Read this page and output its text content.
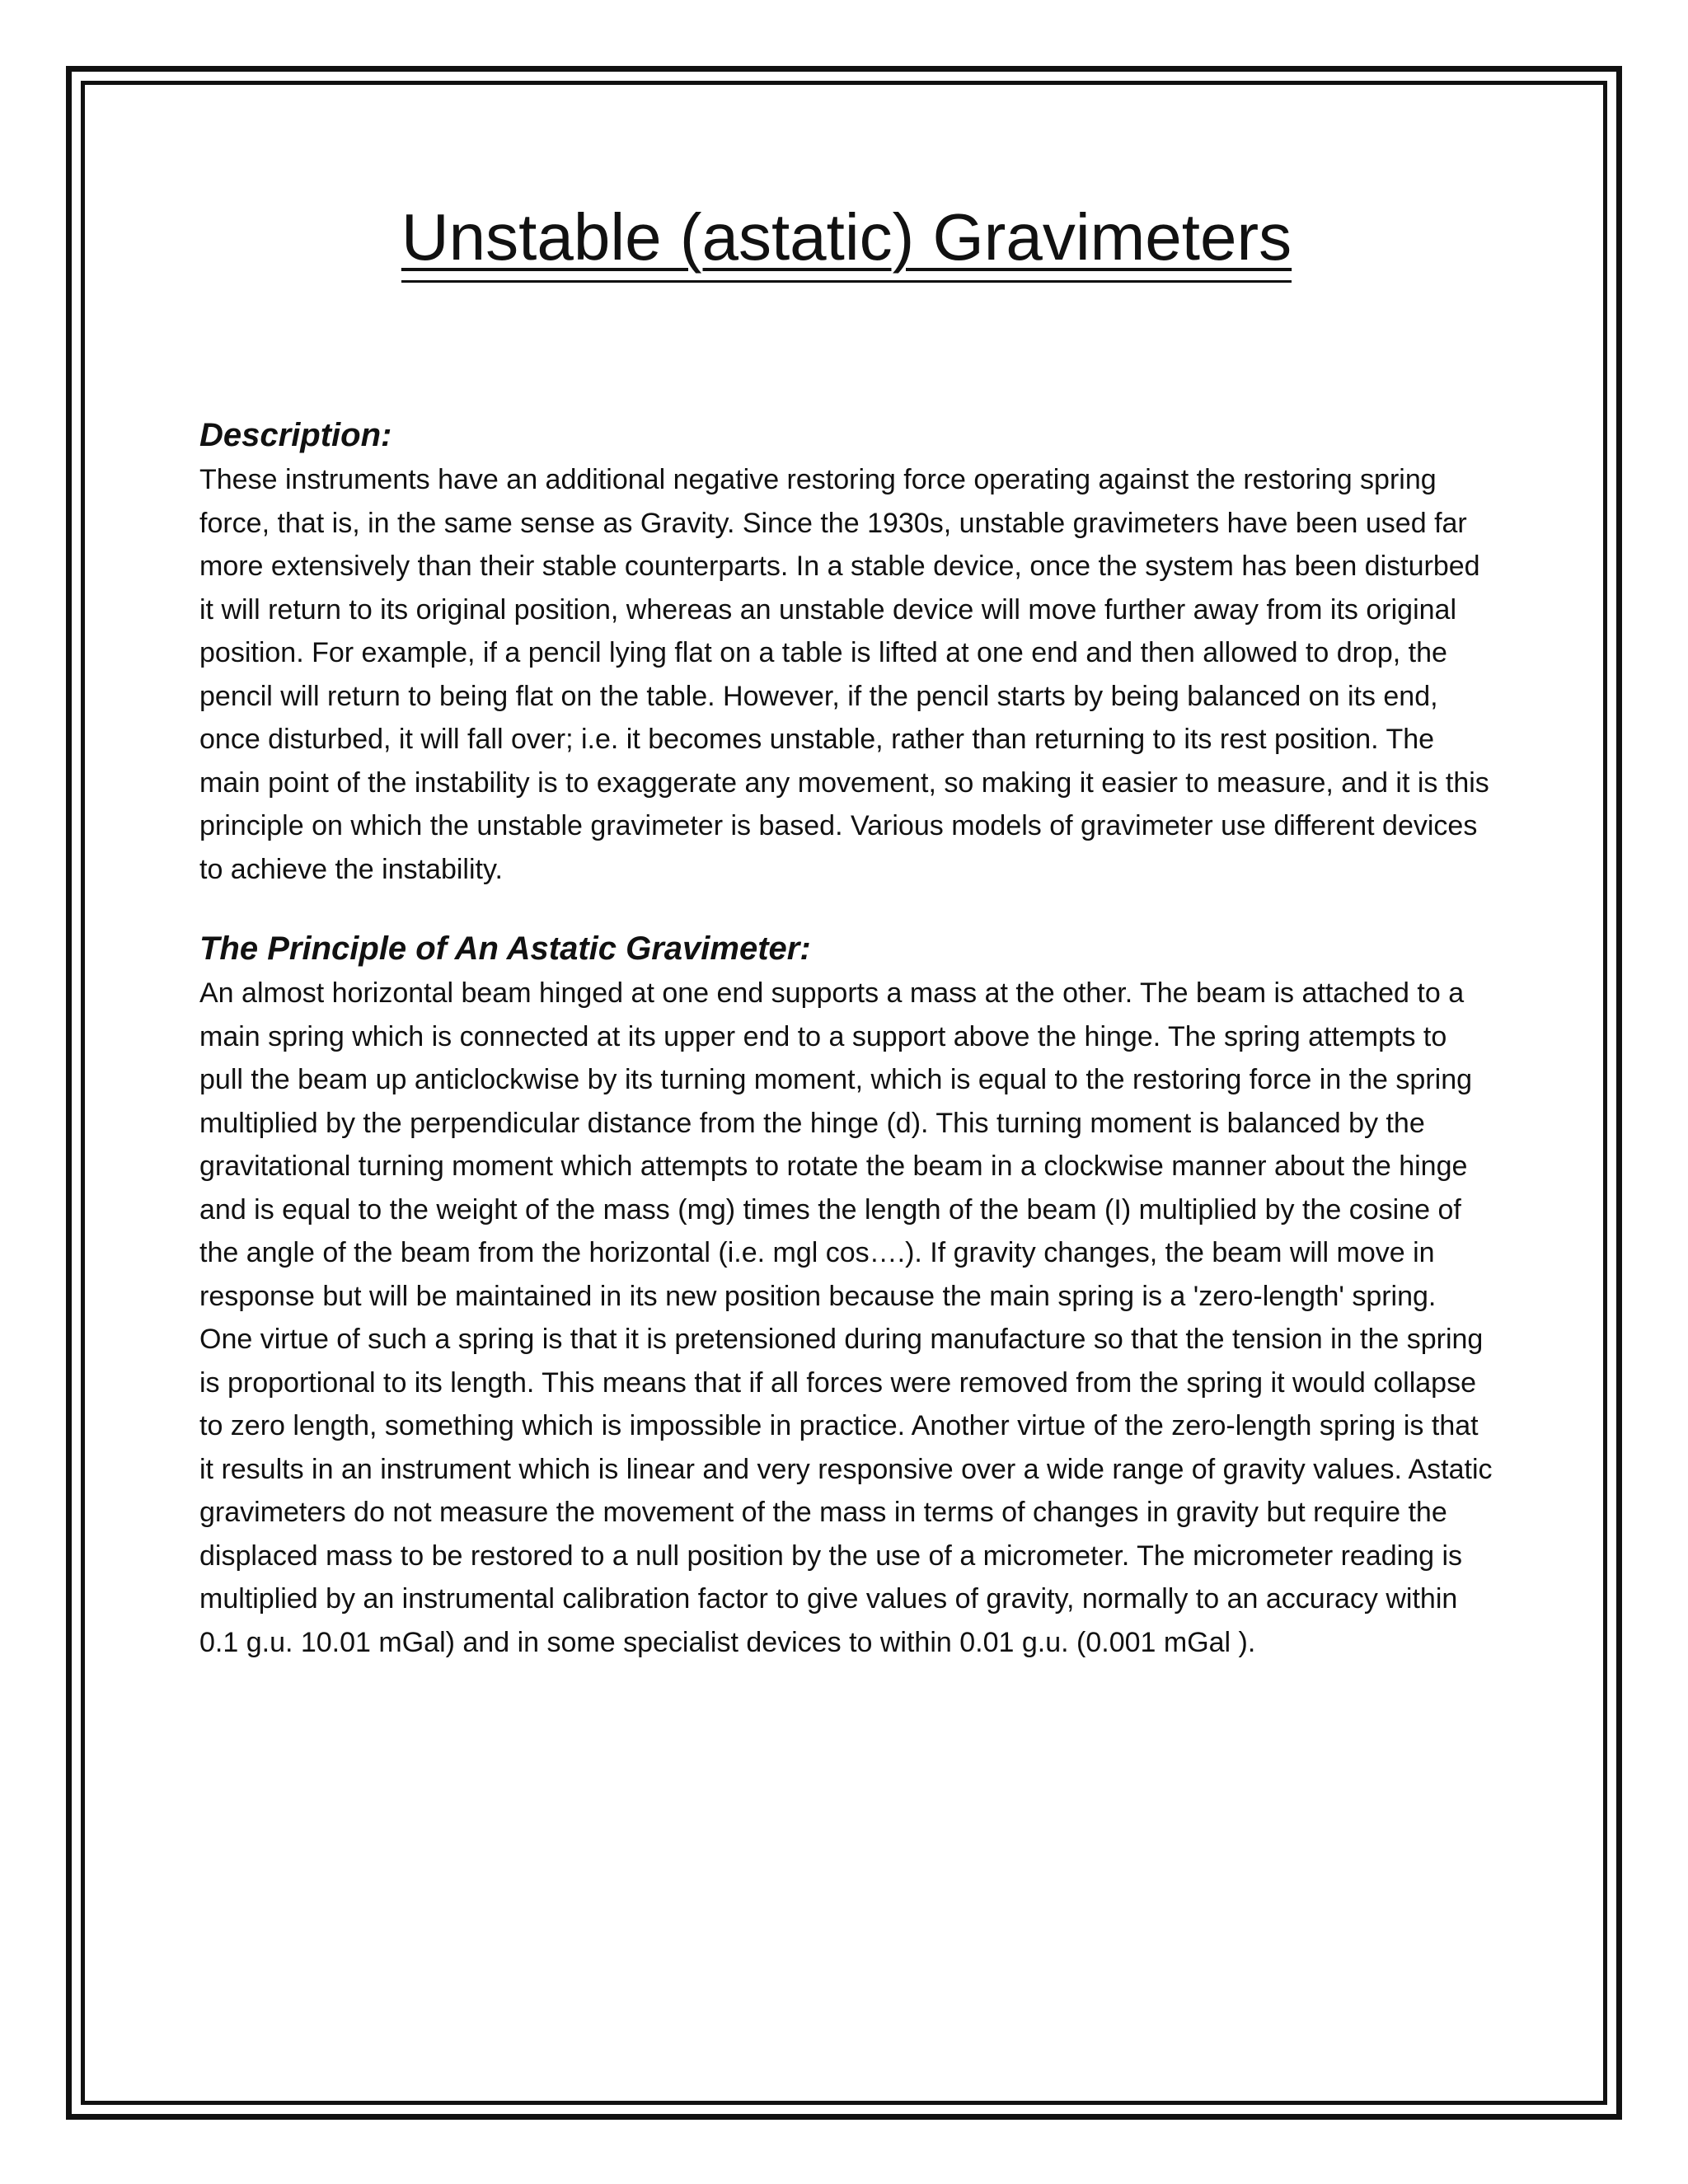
Unstable (astatic) Gravimeters
Description:

These instruments have an additional negative restoring force operating against the restoring spring force, that is, in the same sense as Gravity. Since the 1930s, unstable gravimeters have been used far more extensively than their stable counterparts. In a stable device, once the system has been disturbed it will return to its original position, whereas an unstable device will move further away from its original position. For example, if a pencil lying flat on a table is lifted at one end and then allowed to drop, the pencil will return to being flat on the table. However, if the pencil starts by being balanced on its end, once disturbed, it will fall over; i.e. it becomes unstable, rather than returning to its rest position. The main point of the instability is to exaggerate any movement, so making it easier to measure, and it is this principle on which the unstable gravimeter is based. Various models of gravimeter use different devices to achieve the instability.

The Principle of An Astatic Gravimeter:

An almost horizontal beam hinged at one end supports a mass at the other. The beam is attached to a main spring which is connected at its upper end to a support above the hinge. The spring attempts to pull the beam up anticlockwise by its turning moment, which is equal to the restoring force in the spring multiplied by the perpendicular distance from the hinge (d). This turning moment is balanced by the gravitational turning moment which attempts to rotate the beam in a clockwise manner about the hinge and is equal to the weight of the mass (mg) times the length of the beam (I) multiplied by the cosine of the angle of the beam from the horizontal (i.e. mgl cos….). If gravity changes, the beam will move in response but will be maintained in its new position because the main spring is a 'zero-length' spring. One virtue of such a spring is that it is pretensioned during manufacture so that the tension in the spring is proportional to its length. This means that if all forces were removed from the spring it would collapse to zero length, something which is impossible in practice. Another virtue of the zero-length spring is that it results in an instrument which is linear and very responsive over a wide range of gravity values. Astatic gravimeters do not measure the movement of the mass in terms of changes in gravity but require the displaced mass to be restored to a null position by the use of a micrometer. The micrometer reading is multiplied by an instrumental calibration factor to give values of gravity, normally to an accuracy within 0.1 g.u. 10.01 mGal) and in some specialist devices to within 0.01 g.u. (0.001 mGal ).
